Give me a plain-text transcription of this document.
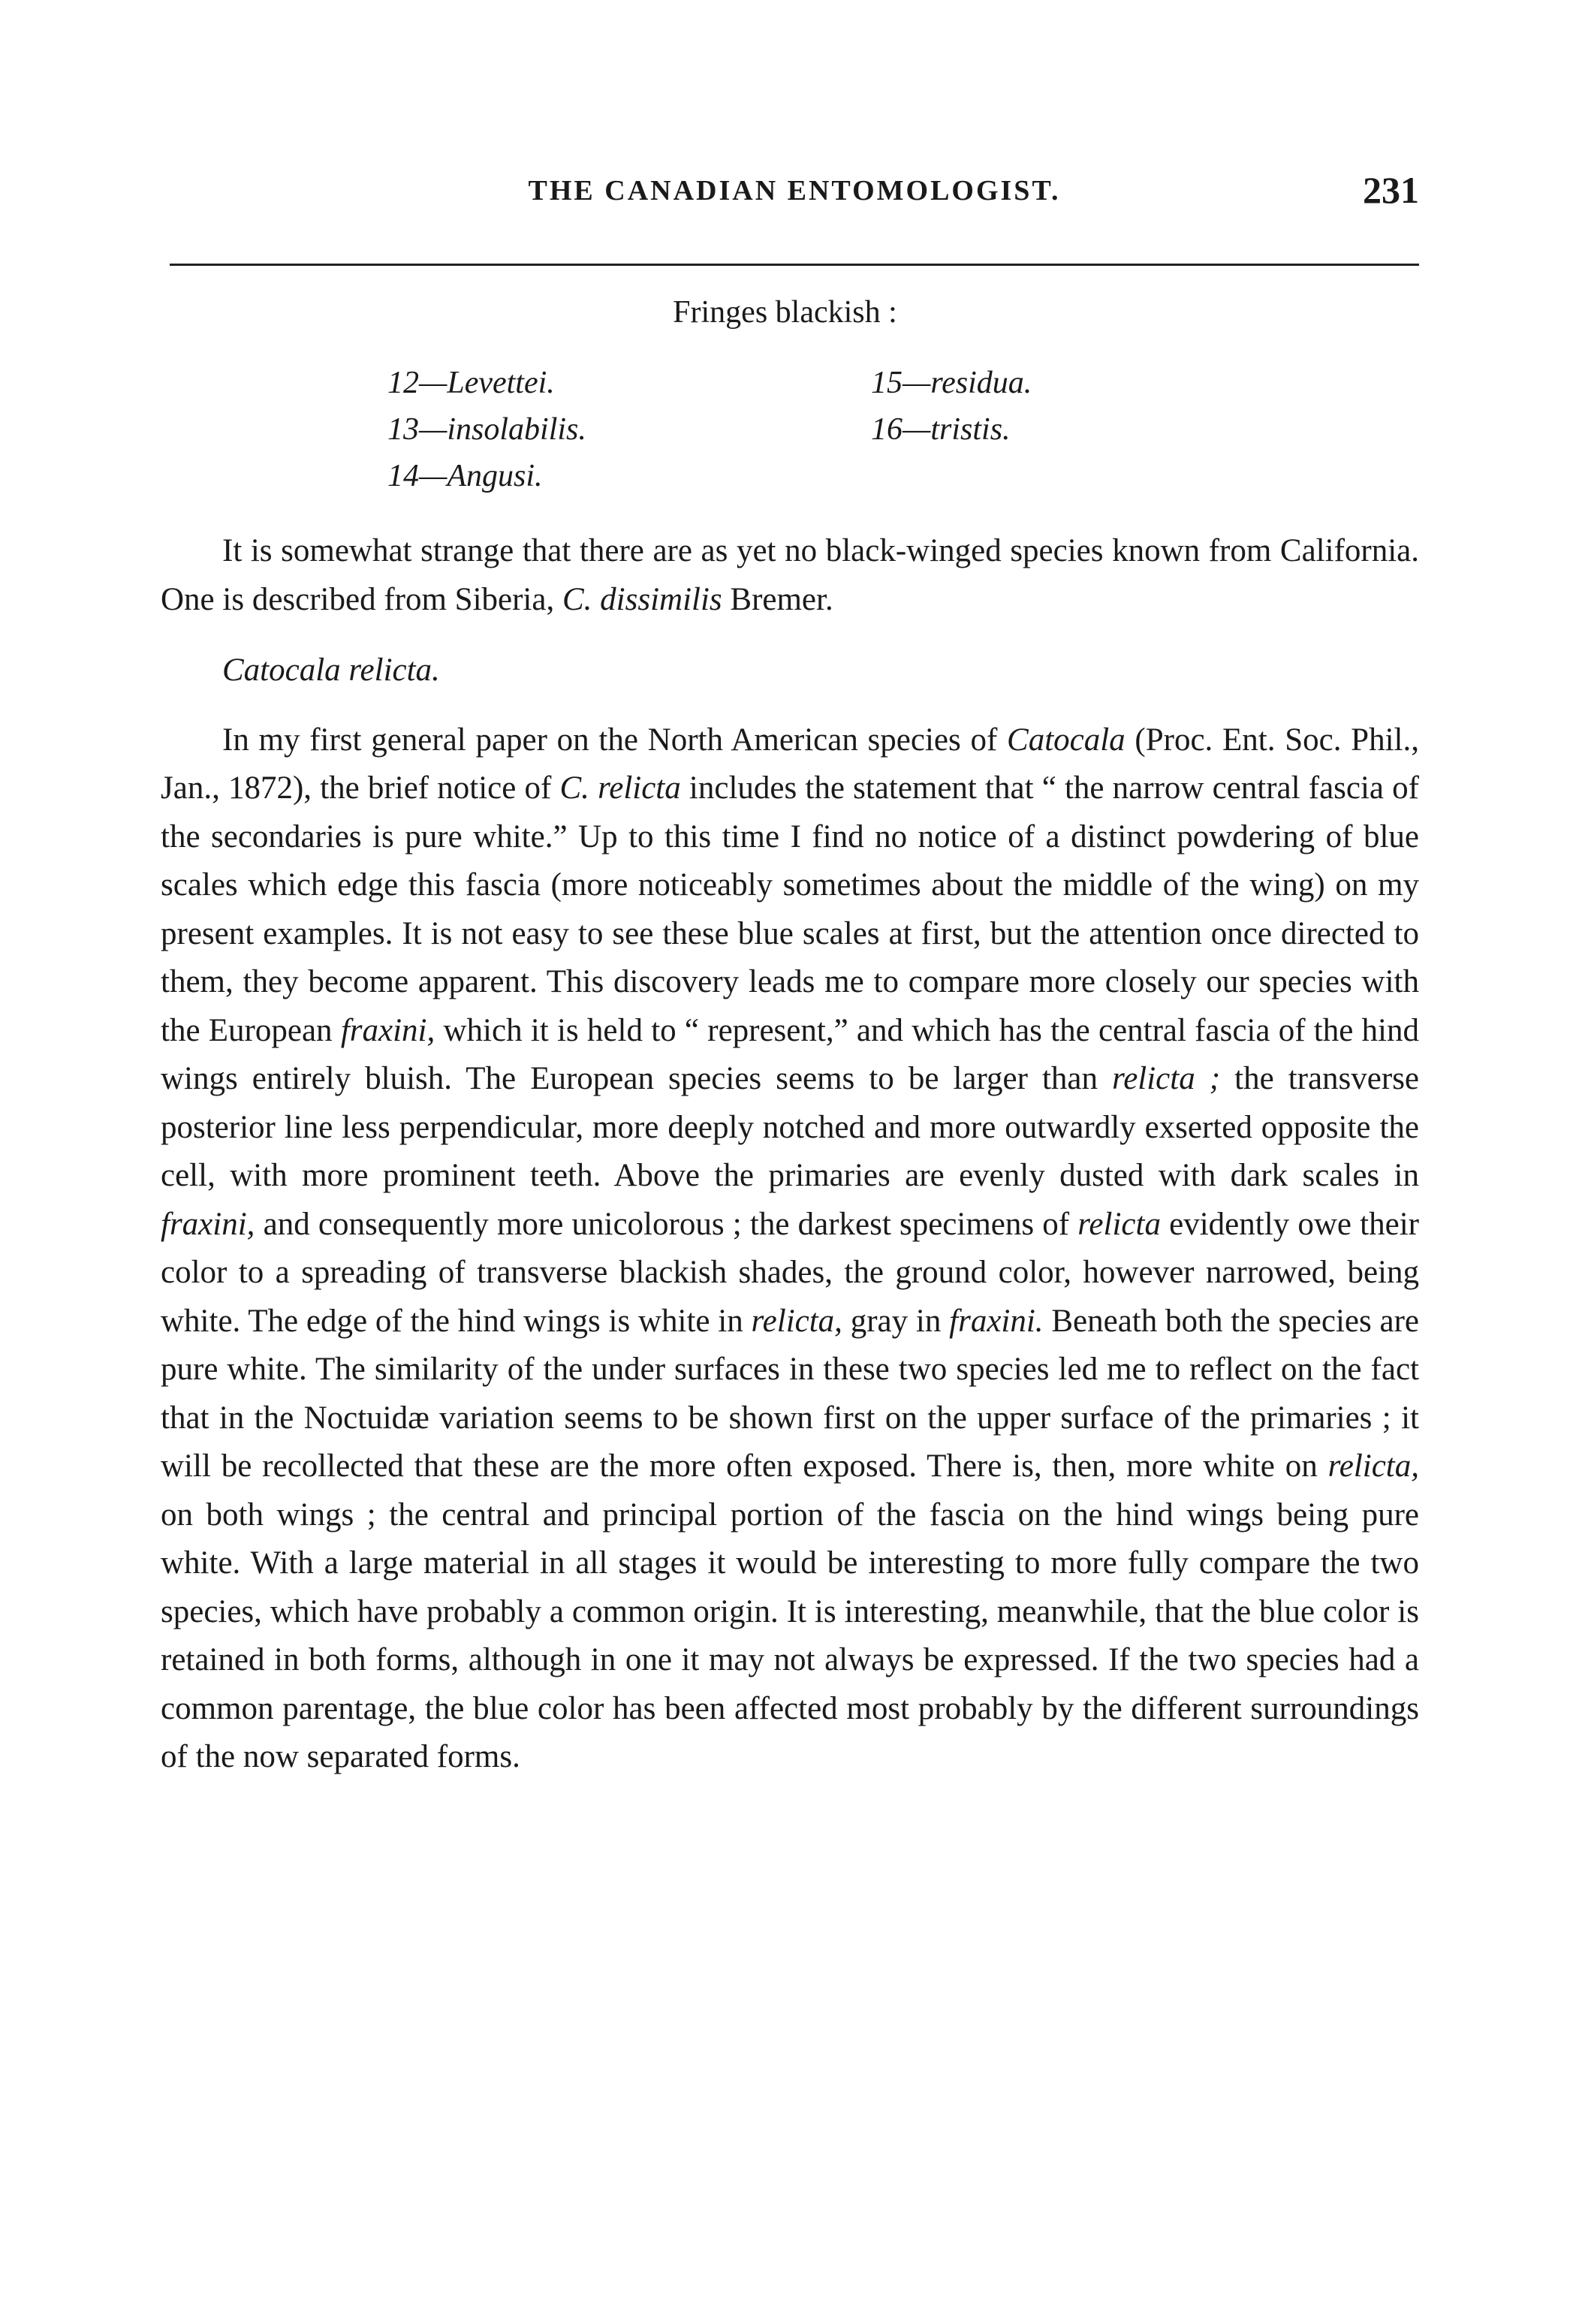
THE CANADIAN ENTOMOLOGIST.	231
Fringes blackish :
12—Levettei.
13—insolabilis.
14—Angusi.
15—residua.
16—tristis.

It is somewhat strange that there are as yet no black-winged species known from California. One is described from Siberia, C. dissimilis Bremer.

Catocala relicta.

In my first general paper on the North American species of Catocala (Proc. Ent. Soc. Phil., Jan., 1872), the brief notice of C. relicta includes the statement that “ the narrow central fascia of the secondaries is pure white.” Up to this time I find no notice of a distinct powdering of blue scales which edge this fascia (more noticeably sometimes about the middle of the wing) on my present examples. It is not easy to see these blue scales at first, but the attention once directed to them, they become apparent. This discovery leads me to compare more closely our species with the European fraxini, which it is held to “ represent,” and which has the central fascia of the hind wings entirely bluish. The European species seems to be larger than relicta ; the transverse posterior line less perpendicular, more deeply notched and more outwardly exserted opposite the cell, with more prominent teeth. Above the primaries are evenly dusted with dark scales in fraxini, and consequently more unicolorous ; the darkest specimens of relicta evidently owe their color to a spreading of transverse blackish shades, the ground color, however narrowed, being white. The edge of the hind wings is white in relicta, gray in fraxini. Beneath both the species are pure white. The similarity of the under surfaces in these two species led me to reflect on the fact that in the Noctuidæ variation seems to be shown first on the upper surface of the primaries ; it will be recollected that these are the more often exposed. There is, then, more white on relicta, on both wings ; the central and principal portion of the fascia on the hind wings being pure white. With a large material in all stages it would be interesting to more fully compare the two species, which have probably a common origin. It is interesting, meanwhile, that the blue color is retained in both forms, although in one it may not always be expressed. If the two species had a common parentage, the blue color has been affected most probably by the different surroundings of the now separated forms.
